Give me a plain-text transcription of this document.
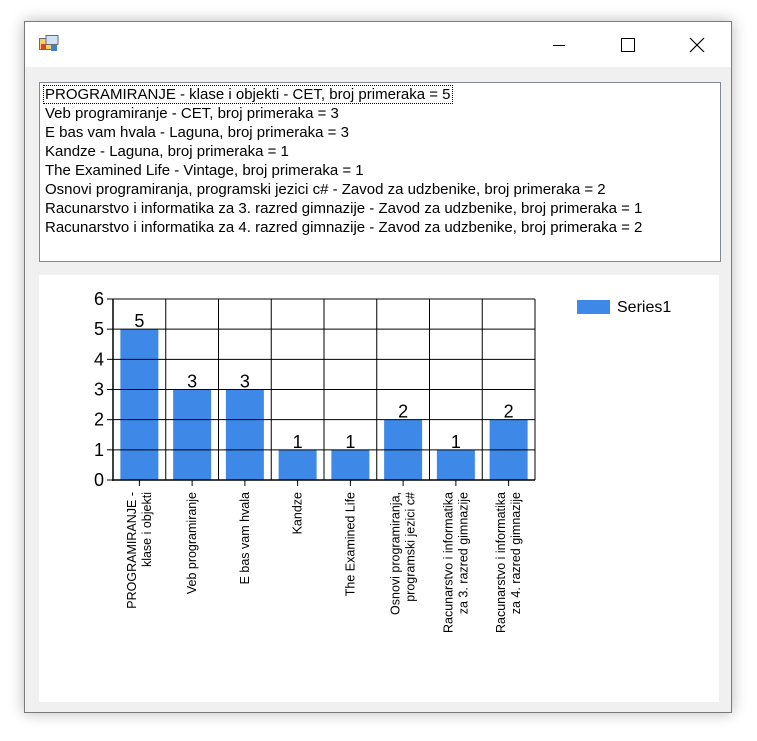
PROGRAMIRANJE - klase i objekti - CET, broj primeraka = 5
Veb programiranje - CET, broj primeraka = 3
E bas vam hvala - Laguna, broj primeraka = 3
Kandze - Laguna, broj primeraka = 1
The Examined Life - Vintage, broj primeraka = 1
Osnovi programiranja, programski jezici c# - Zavod za udzbenike, broj primeraka = 2
Racunarstvo i informatika za 3. razred gimnazije - Zavod za udzbenike, broj primeraka = 1
Racunarstvo i informatika za 4. razred gimnazije - Zavod za udzbenike, broj primeraka = 2
0
1
2
3
4
5
6
5
3 3
1 1
2
1
2
PROGRAMIRANJE - klase i objekti	Veb programiranje	E bas vam hvala	Kandze	The Examined Life	Osnovi programiranja, programski jezici c# Racunarstvo i informatika za 3. razred gimnazije Racunarstvo i informatika za 4. razred gimnazije
Series1
